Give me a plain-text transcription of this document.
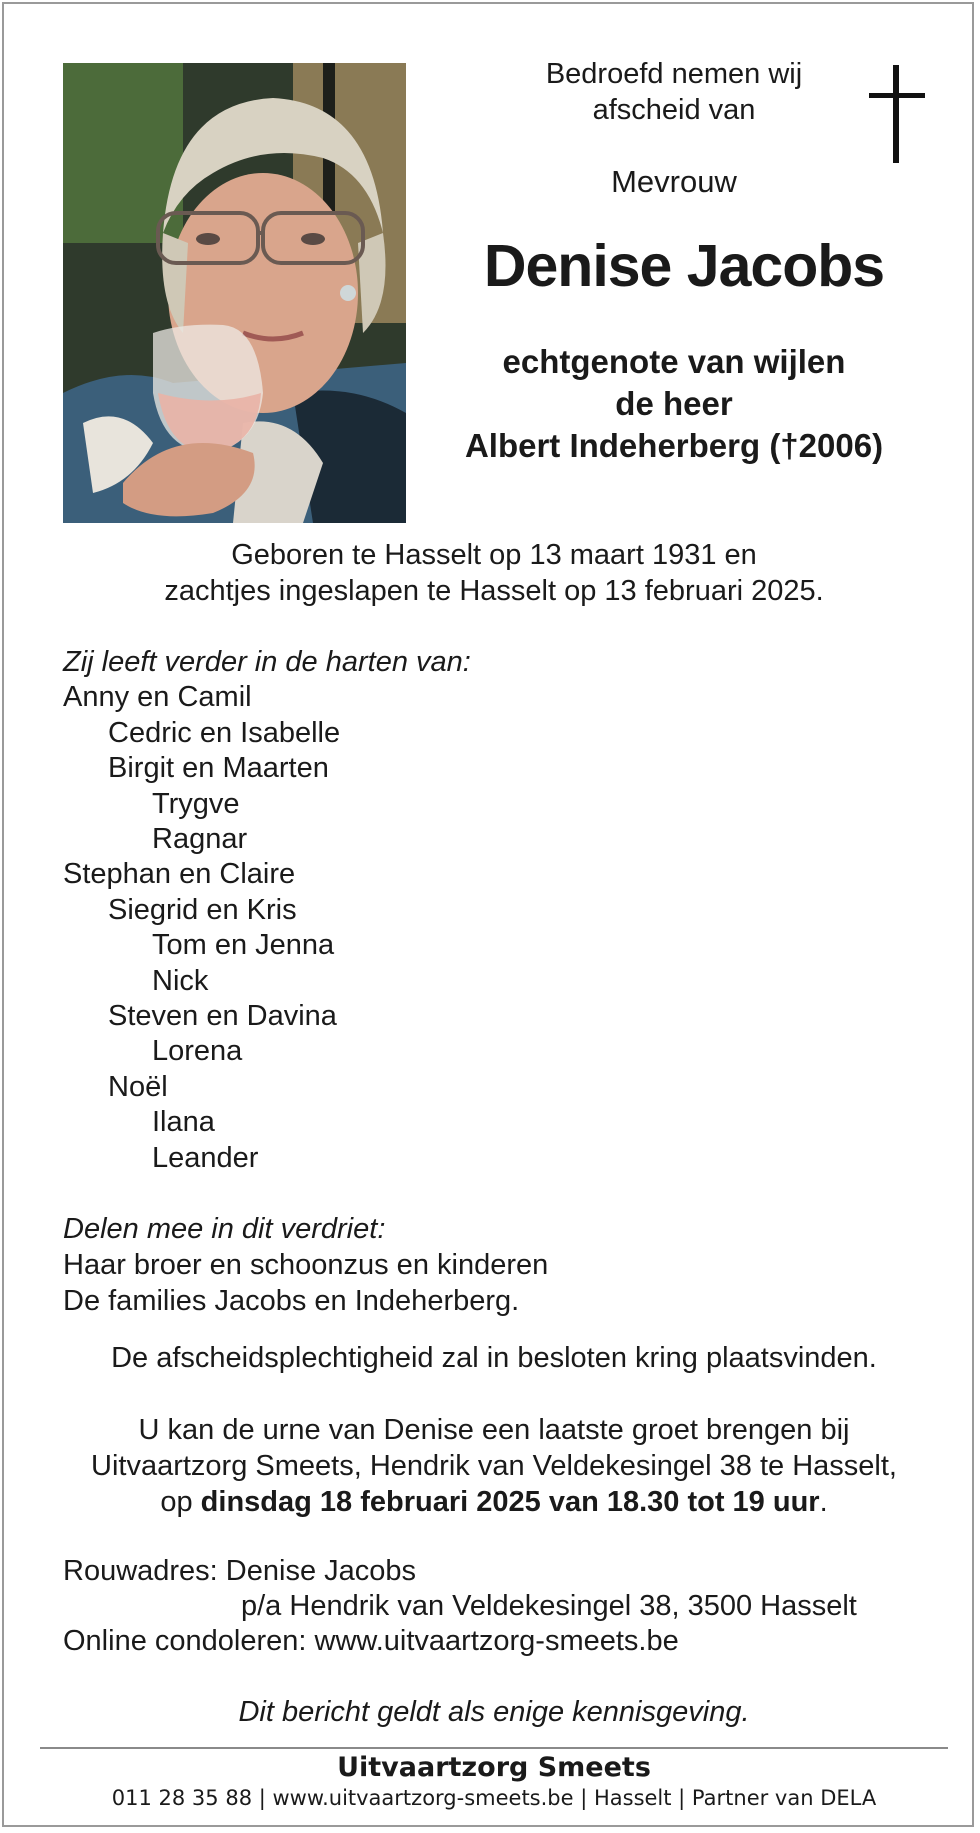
Bedroefd nemen wij
afscheid van
Mevrouw
Denise Jacobs
echtgenote van wijlen
de heer
Albert Indeherberg (†2006)
Geboren te Hasselt op 13 maart 1931 en
zachtjes ingeslapen te Hasselt op 13 februari 2025.
Zij leeft verder in de harten van:
Anny en Camil
Cedric en Isabelle
Birgit en Maarten
Trygve
Ragnar
Stephan en Claire
Siegrid en Kris
Tom en Jenna
Nick
Steven en Davina
Lorena
Noël
Ilana
Leander
Delen mee in dit verdriet:
Haar broer en schoonzus en kinderen
De families Jacobs en Indeherberg.
De afscheidsplechtigheid zal in besloten kring plaatsvinden.
U kan de urne van Denise een laatste groet brengen bij
Uitvaartzorg Smeets, Hendrik van Veldekesingel 38 te Hasselt,
op dinsdag 18 februari 2025 van 18.30 tot 19 uur.
Rouwadres: Denise Jacobs
p/a Hendrik van Veldekesingel 38, 3500 Hasselt
Online condoleren: www.uitvaartzorg-smeets.be
Dit bericht geldt als enige kennisgeving.
Uitvaartzorg Smeets
011 28 35 88 | www.uitvaartzorg-smeets.be | Hasselt | Partner van DELA
